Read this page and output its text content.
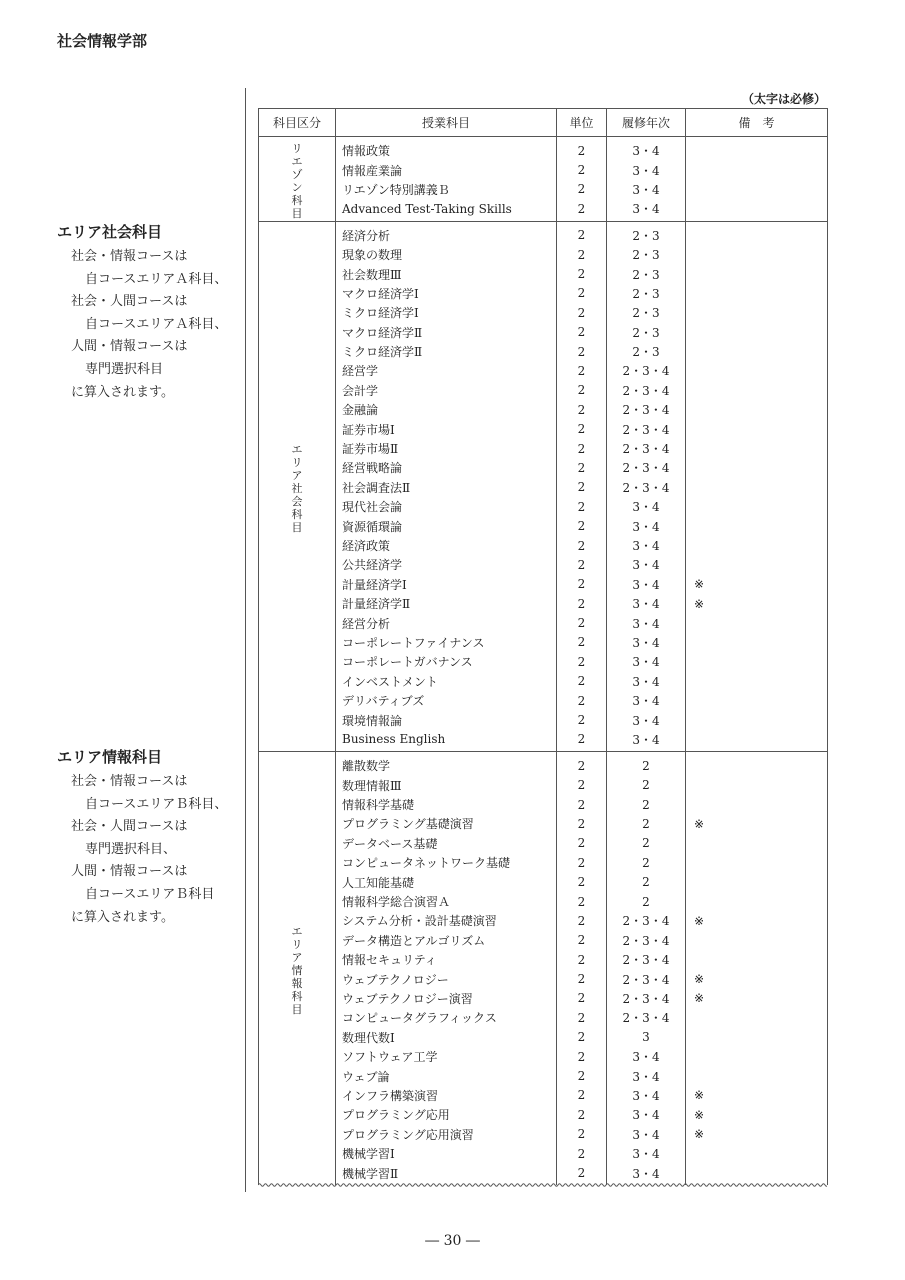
社会情報学部
エリア社会科目
社会・情報コースは
自コースエリアＡ科目、
社会・人間コースは
自コースエリアＡ科目、
人間・情報コースは
専門選択科目
に算入されます。
エリア情報科目
社会・情報コースは
自コースエリアＢ科目、
社会・人間コースは
専門選択科目、
人間・情報コースは
自コースエリアＢ科目
に算入されます。
（太字は必修）
科目区分	授業科目	単位	履修年次	備　考
リエゾン科目	情報政策	2	3・4	
	情報産業論	2	3・4	
	リエゾン特別講義Ｂ	2	3・4	
	Advanced Test-Taking Skills	2	3・4	
エリア社会科目	経済分析	2	2・3	
	現象の数理	2	2・3	
	社会数理Ⅲ	2	2・3	
	マクロ経済学Ⅰ	2	2・3	
	ミクロ経済学Ⅰ	2	2・3	
	マクロ経済学Ⅱ	2	2・3	
	ミクロ経済学Ⅱ	2	2・3	
	経営学	2	2・3・4	
	会計学	2	2・3・4	
	金融論	2	2・3・4	
	証券市場Ⅰ	2	2・3・4	
	証券市場Ⅱ	2	2・3・4	
	経営戦略論	2	2・3・4	
	社会調査法Ⅱ	2	2・3・4	
	現代社会論	2	3・4	
	資源循環論	2	3・4	
	経済政策	2	3・4	
	公共経済学	2	3・4	
	計量経済学Ⅰ	2	3・4	※
	計量経済学Ⅱ	2	3・4	※
	経営分析	2	3・4	
	コーポレートファイナンス	2	3・4	
	コーポレートガバナンス	2	3・4	
	インベストメント	2	3・4	
	デリバティブズ	2	3・4	
	環境情報論	2	3・4	
	Business English	2	3・4	
エリア情報科目	離散数学	2	2	
	数理情報Ⅲ	2	2	
	情報科学基礎	2	2	
	プログラミング基礎演習	2	2	※
	データベース基礎	2	2	
	コンピュータネットワーク基礎	2	2	
	人工知能基礎	2	2	
	情報科学総合演習Ａ	2	2	
	システム分析・設計基礎演習	2	2・3・4	※
	データ構造とアルゴリズム	2	2・3・4	
	情報セキュリティ	2	2・3・4	
	ウェブテクノロジー	2	2・3・4	※
	ウェブテクノロジー演習	2	2・3・4	※
	コンピュータグラフィックス	2	2・3・4	
	数理代数Ⅰ	2	3	
	ソフトウェア工学	2	3・4	
	ウェブ論	2	3・4	
	インフラ構築演習	2	3・4	※
	プログラミング応用	2	3・4	※
	プログラミング応用演習	2	3・4	※
	機械学習Ⅰ	2	3・4	
	機械学習Ⅱ	2	3・4	
― 30 ―
